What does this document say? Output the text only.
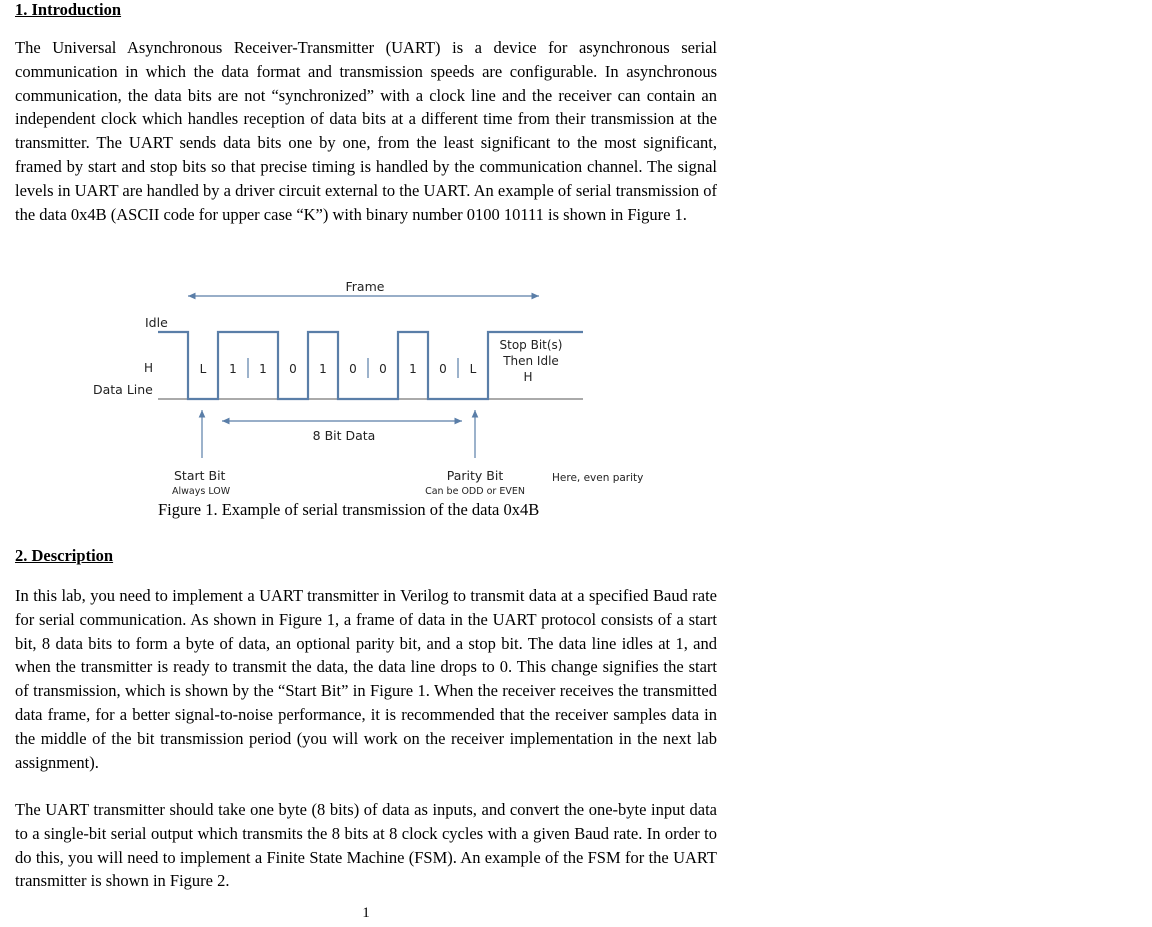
1. Introduction

The Universal Asynchronous Receiver-Transmitter (UART) is a device for asynchronous serial communication in which the data format and transmission speeds are configurable. In asynchronous communication, the data bits are not “synchronized” with a clock line and the receiver can contain an independent clock which handles reception of data bits at a different time from their transmission at the transmitter. The UART sends data bits one by one, from the least significant to the most significant, framed by start and stop bits so that precise timing is handled by the communication channel. The signal levels in UART are handled by a driver circuit external to the UART. An example of serial transmission of the data 0x4B (ASCII code for upper case “K”) with binary number 0100 10111 is shown in Figure 1.

Frame
Idle
H
Data Line
L 1 1 0 1 0 0 1 0 L
Stop Bit(s)
Then Idle
H
8 Bit Data
Start Bit
Always LOW
Parity Bit
Can be ODD or EVEN
Here, even parity

Figure 1. Example of serial transmission of the data 0x4B

2. Description

In this lab, you need to implement a UART transmitter in Verilog to transmit data at a specified Baud rate for serial communication. As shown in Figure 1, a frame of data in the UART protocol consists of a start bit, 8 data bits to form a byte of data, an optional parity bit, and a stop bit. The data line idles at 1, and when the transmitter is ready to transmit the data, the data line drops to 0. This change signifies the start of transmission, which is shown by the “Start Bit” in Figure 1. When the receiver receives the transmitted data frame, for a better signal-to-noise performance, it is recommended that the receiver samples data in the middle of the bit transmission period (you will work on the receiver implementation in the next lab assignment).

The UART transmitter should take one byte (8 bits) of data as inputs, and convert the one-byte input data to a single-bit serial output which transmits the 8 bits at 8 clock cycles with a given Baud rate. In order to do this, you will need to implement a Finite State Machine (FSM). An example of the FSM for the UART transmitter is shown in Figure 2.

1
